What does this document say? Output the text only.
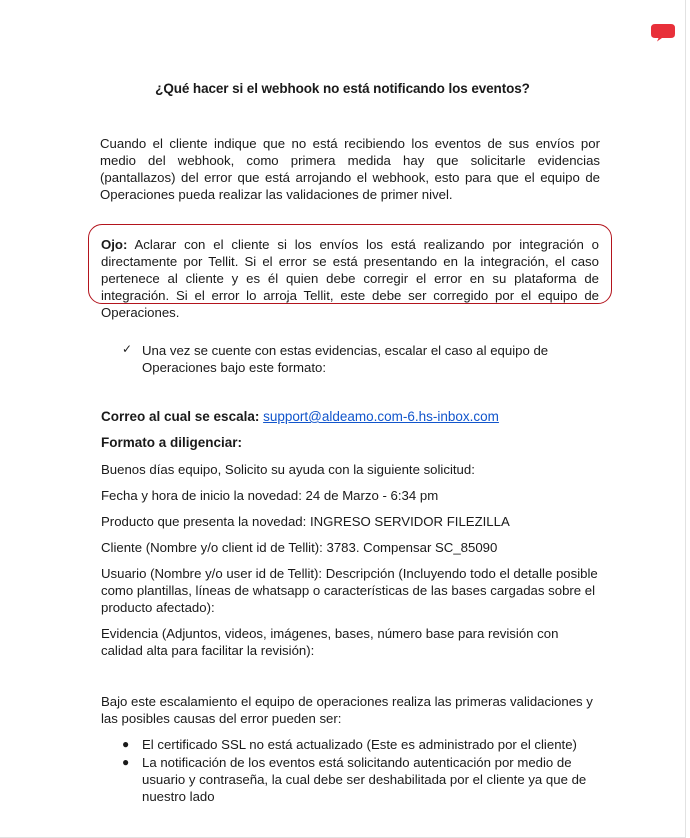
¿Qué hacer si el webhook no está notificando los eventos?
Cuando el cliente indique que no está recibiendo los eventos de sus envíos por medio del webhook, como primera medida hay que solicitarle evidencias (pantallazos) del error que está arrojando el webhook, esto para que el equipo de Operaciones pueda realizar las validaciones de primer nivel.
Ojo: Aclarar con el cliente si los envíos los está realizando por integración o directamente por Tellit. Si el error se está presentando en la integración, el caso pertenece al cliente y es él quien debe corregir el error en su plataforma de integración. Si el error lo arroja Tellit, este debe ser corregido por el equipo de Operaciones.
✓ Una vez se cuente con estas evidencias, escalar el caso al equipo de Operaciones bajo este formato:
Correo al cual se escala: support@aldeamo.com-6.hs-inbox.com
Formato a diligenciar:
Buenos días equipo, Solicito su ayuda con la siguiente solicitud:
Fecha y hora de inicio la novedad: 24 de Marzo - 6:34 pm
Producto que presenta la novedad: INGRESO SERVIDOR FILEZILLA
Cliente (Nombre y/o client id de Tellit): 3783. Compensar SC_85090
Usuario (Nombre y/o user id de Tellit): Descripción (Incluyendo todo el detalle posible como plantillas, líneas de whatsapp o características de las bases cargadas sobre el producto afectado):
Evidencia (Adjuntos, videos, imágenes, bases, número base para revisión con calidad alta para facilitar la revisión):
Bajo este escalamiento el equipo de operaciones realiza las primeras validaciones y las posibles causas del error pueden ser:
● El certificado SSL no está actualizado (Este es administrado por el cliente)
● La notificación de los eventos está solicitando autenticación por medio de usuario y contraseña, la cual debe ser deshabilitada por el cliente ya que de nuestro lado
